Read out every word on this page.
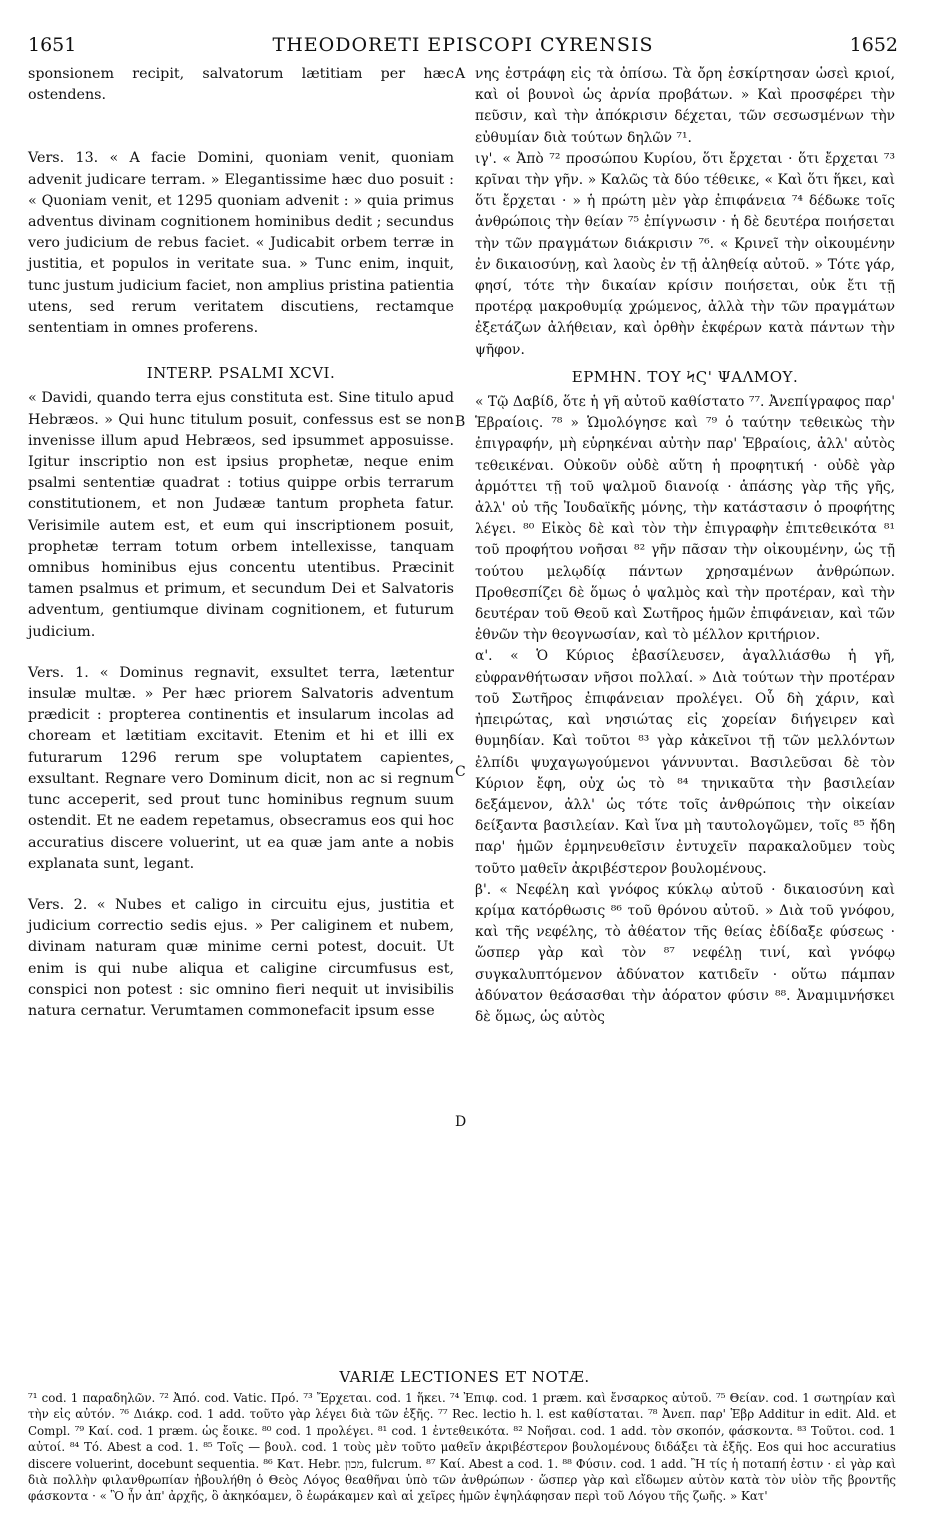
1651	THEODORETI EPISCOPI CYRENSIS	1652
A
B
C
D

sponsionem recipit, salvatorum lætitiam per hæc ostendens.

Vers. 13. « A facie Domini, quoniam venit, quoniam advenit judicare terram. » Elegantissime hæc duo posuit : « Quoniam venit, et 1295 quoniam advenit : » quia primus adventus divinam cognitionem hominibus dedit ; secundus vero judicium de rebus faciet. « Judicabit orbem terræ in justitia, et populos in veritate sua. » Tunc enim, inquit, tunc justum judicium faciet, non amplius pristina patientia utens, sed rerum veritatem discutiens, rectamque sententiam in omnes proferens.

INTERP. PSALMI XCVI.

« Davidi, quando terra ejus constituta est. Sine titulo apud Hebræos. » Qui hunc titulum posuit, confessus est se non invenisse illum apud Hebræos, sed ipsummet apposuisse. Igitur inscriptio non est ipsius prophetæ, neque enim psalmi sententiæ quadrat : totius quippe orbis terrarum constitutionem, et non Judææ tantum propheta fatur. Verisimile autem est, et eum qui inscriptionem posuit, prophetæ terram totum orbem intellexisse, tanquam omnibus hominibus ejus concentu utentibus. Præcinit tamen psalmus et primum, et secundum Dei et Salvatoris adventum, gentiumque divinam cognitionem, et futurum judicium.

Vers. 1. « Dominus regnavit, exsultet terra, lætentur insulæ multæ. » Per hæc priorem Salvatoris adventum prædicit : propterea continentis et insularum incolas ad choream et lætitiam excitavit. Etenim et hi et illi ex futurarum 1296 rerum spe voluptatem capientes, exsultant. Regnare vero Dominum dicit, non ac si regnum tunc acceperit, sed prout tunc hominibus regnum suum ostendit. Et ne eadem repetamus, obsecramus eos qui hoc accuratius discere voluerint, ut ea quæ jam ante a nobis explanata sunt, legant.

Vers. 2. « Nubes et caligo in circuitu ejus, justitia et judicium correctio sedis ejus. » Per caliginem et nubem, divinam naturam quæ minime cerni potest, docuit. Ut enim is qui nube aliqua et caligine circumfusus est, conspici non potest : sic omnino fieri nequit ut invisibilis natura cernatur. Verumtamen commonefacit ipsum esse

νης ἐστράφη εἰς τὰ ὀπίσω. Τὰ ὄρη ἐσκίρτησαν ὡσεὶ κριοί, καὶ οἱ βουνοὶ ὡς ἀρνία προβάτων. » Καὶ προσφέρει τὴν πεῦσιν, καὶ τὴν ἀπόκρισιν δέχεται, τῶν σεσωσμένων τὴν εὐθυμίαν διὰ τούτων δηλῶν ⁷¹.

ιγ'. « Ἀπὸ ⁷² προσώπου Κυρίου, ὅτι ἔρχεται · ὅτι ἔρχεται ⁷³ κρῖναι τὴν γῆν. » Καλῶς τὰ δύο τέθεικε, « Καὶ ὅτι ἥκει, καὶ ὅτι ἔρχεται · » ἡ πρώτη μὲν γὰρ ἐπιφάνεια ⁷⁴ δέδωκε τοῖς ἀνθρώποις τὴν θείαν ⁷⁵ ἐπίγνωσιν · ἡ δὲ δευτέρα ποιήσεται τὴν τῶν πραγμάτων διάκρισιν ⁷⁶. « Κρινεῖ τὴν οἰκουμένην ἐν δικαιοσύνῃ, καὶ λαοὺς ἐν τῇ ἀληθείᾳ αὐτοῦ. » Τότε γάρ, φησί, τότε τὴν δικαίαν κρίσιν ποιήσεται, οὐκ ἔτι τῇ προτέρᾳ μακροθυμίᾳ χρώμενος, ἀλλὰ τὴν τῶν πραγμάτων ἐξετάζων ἀλήθειαν, καὶ ὀρθὴν ἐκφέρων κατὰ πάντων τὴν ψῆφον.

ΕΡΜΗΝ. ΤΟΥ ϞϚ' ΨΑΛΜΟΥ.

« Τῷ Δαβίδ, ὅτε ἡ γῆ αὐτοῦ καθίστατο ⁷⁷. Ἀνεπίγραφος παρ' Ἑβραίοις. ⁷⁸ » Ὡμολόγησε καὶ ⁷⁹ ὁ ταύτην τεθεικὼς τὴν ἐπιγραφήν, μὴ εὑρηκέναι αὐτὴν παρ' Ἑβραίοις, ἀλλ' αὐτὸς τεθεικέναι. Οὐκοῦν οὐδὲ αὕτη ἡ προφητική · οὐδὲ γὰρ ἁρμόττει τῇ τοῦ ψαλμοῦ διανοίᾳ · ἁπάσης γὰρ τῆς γῆς, ἀλλ' οὐ τῆς Ἰουδαϊκῆς μόνης, τὴν κατάστασιν ὁ προφήτης λέγει. ⁸⁰ Εἰκὸς δὲ καὶ τὸν τὴν ἐπιγραφὴν ἐπιτεθεικότα ⁸¹ τοῦ προφήτου νοῆσαι ⁸² γῆν πᾶσαν τὴν οἰκουμένην, ὡς τῇ τούτου μελῳδίᾳ πάντων χρησαμένων ἀνθρώπων. Προθεσπίζει δὲ ὅμως ὁ ψαλμὸς καὶ τὴν προτέραν, καὶ τὴν δευτέραν τοῦ Θεοῦ καὶ Σωτῆρος ἡμῶν ἐπιφάνειαν, καὶ τῶν ἐθνῶν τὴν θεογνωσίαν, καὶ τὸ μέλλον κριτήριον.

α'. « Ὁ Κύριος ἐβασίλευσεν, ἀγαλλιάσθω ἡ γῆ, εὐφρανθήτωσαν νῆσοι πολλαί. » Διὰ τούτων τὴν προτέραν τοῦ Σωτῆρος ἐπιφάνειαν προλέγει. Οὗ δὴ χάριν, καὶ ἠπειρώτας, καὶ νησιώτας εἰς χορείαν διήγειρεν καὶ θυμηδίαν. Καὶ τοῦτοι ⁸³ γὰρ κἀκεῖνοι τῇ τῶν μελλόντων ἐλπίδι ψυχαγωγούμενοι γάννυνται. Βασιλεῦσαι δὲ τὸν Κύριον ἔφη, οὐχ ὡς τὸ ⁸⁴ τηνικαῦτα τὴν βασιλείαν δεξάμενον, ἀλλ' ὡς τότε τοῖς ἀνθρώποις τὴν οἰκείαν δείξαντα βασιλείαν. Καὶ ἵνα μὴ ταυτολογῶμεν, τοῖς ⁸⁵ ἤδη παρ' ἡμῶν ἑρμηνευθεῖσιν ἐντυχεῖν παρακαλοῦμεν τοὺς τοῦτο μαθεῖν ἀκριβέστερον βουλομένους.

β'. « Νεφέλη καὶ γνόφος κύκλῳ αὐτοῦ · δικαιοσύνη καὶ κρίμα κατόρθωσις ⁸⁶ τοῦ θρόνου αὐτοῦ. » Διὰ τοῦ γνόφου, καὶ τῆς νεφέλης, τὸ ἀθέατον τῆς θείας ἐδίδαξε φύσεως · ὥσπερ γὰρ καὶ τὸν ⁸⁷ νεφέλῃ τινί, καὶ γνόφῳ συγκαλυπτόμενον ἀδύνατον κατιδεῖν · οὕτω πάμπαν ἀδύνατον θεάσασθαι τὴν ἀόρατον φύσιν ⁸⁸. Ἀναμιμνήσκει δὲ ὅμως, ὡς αὐτὸς

VARIÆ LECTIONES ET NOTÆ.

⁷¹ cod. 1 παραδηλῶν. ⁷² Ἀπό. cod. Vatic. Πρό. ⁷³ Ἔρχεται. cod. 1 ἥκει. ⁷⁴ Ἐπιφ. cod. 1 præm. καὶ ἔνσαρκος αὐτοῦ. ⁷⁵ Θείαν. cod. 1 σωτηρίαν καὶ τὴν εἰς αὐτόν. ⁷⁶ Διάκρ. cod. 1 add. τοῦτο γὰρ λέγει διὰ τῶν ἑξῆς. ⁷⁷ Rec. lectio h. l. est καθίσταται. ⁷⁸ Ἀνεπ. παρ' Ἑβρ Additur in edit. Ald. et Compl. ⁷⁹ Καί. cod. 1 præm. ὡς ἔοικε. ⁸⁰ cod. 1 προλέγει. ⁸¹ cod. 1 ἐντεθεικότα. ⁸² Νοῆσαι. cod. 1 add. τὸν σκοπόν, φάσκοντα. ⁸³ Τοῦτοι. cod. 1 αὐτοί. ⁸⁴ Τό. Abest a cod. 1. ⁸⁵ Τοῖς — βουλ. cod. 1 τοὺς μὲν τοῦτο μαθεῖν ἀκριβέστερον βουλομένους διδάξει τὰ ἑξῆς. Eos qui hoc accuratius discere voluerint, docebunt sequentia. ⁸⁶ Κατ. Hebr. מכון, fulcrum. ⁸⁷ Καί. Abest a cod. 1. ⁸⁸ Φύσιν. cod. 1 add. Ἢ τίς ἡ ποταπή ἐστιν · εἰ γὰρ καὶ διὰ πολλὴν φιλανθρωπίαν ἠβουλήθη ὁ Θεὸς Λόγος θεαθῆναι ὑπὸ τῶν ἀνθρώπων · ὥσπερ γὰρ καὶ εἴδωμεν αὐτὸν κατὰ τὸν υἱὸν τῆς βροντῆς φάσκοντα · « Ὃ ἦν ἀπ' ἀρχῆς, ὃ ἀκηκόαμεν, ὃ ἑωράκαμεν καὶ αἱ χεῖρες ἡμῶν ἐψηλάφησαν περὶ τοῦ Λόγου τῆς ζωῆς. » Κατ'
